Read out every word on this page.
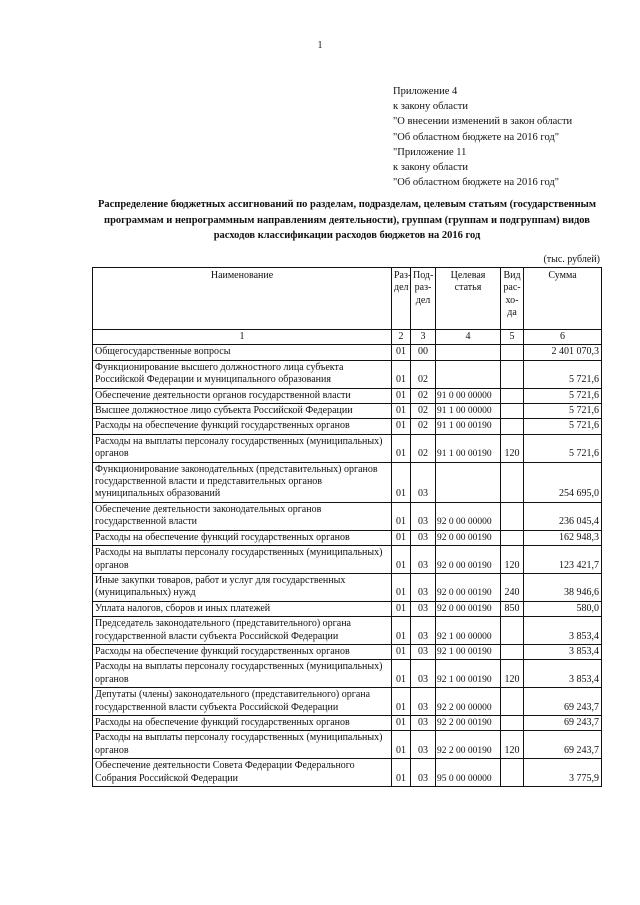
1
Приложение 4
к закону области
"О внесении изменений в закон области
"Об областном бюджете на 2016 год"
"Приложение 11
к закону области
"Об областном бюджете на 2016 год"
Распределение бюджетных ассигнований по разделам, подразделам, целевым статьям (государственным программам и непрограммным направлениям деятельности), группам (группам и подгруппам) видов расходов классификации расходов бюджетов на 2016 год
(тыс. рублей)
Наименование	Раз-дел	Под-раз-дел	Целевая статья	Вид рас-хо-да	Сумма
1	2	3	4	5	6
Общегосударственные вопросы	01	00			2 401 070,3
Функционирование высшего должностного лица субъекта Российской Федерации и муниципального образования	01	02			5 721,6
Обеспечение деятельности органов государственной власти	01	02	91 0 00 00000		5 721,6
Высшее должностное лицо субъекта Российской Федерации	01	02	91 1 00 00000		5 721,6
Расходы на обеспечение функций государственных органов	01	02	91 1 00 00190		5 721,6
Расходы на выплаты персоналу государственных (муниципальных) органов	01	02	91 1 00 00190	120	5 721,6
Функционирование законодательных (представительных) органов государственной власти и представительных органов муниципальных образований	01	03			254 695,0
Обеспечение деятельности законодательных органов государственной власти	01	03	92 0 00 00000		236 045,4
Расходы на обеспечение функций государственных органов	01	03	92 0 00 00190		162 948,3
Расходы на выплаты персоналу государственных (муниципальных) органов	01	03	92 0 00 00190	120	123 421,7
Иные закупки товаров, работ и услуг для государственных (муниципальных) нужд	01	03	92 0 00 00190	240	38 946,6
Уплата налогов, сборов и иных платежей	01	03	92 0 00 00190	850	580,0
Председатель законодательного (представительного) органа государственной власти субъекта Российской Федерации	01	03	92 1 00 00000		3 853,4
Расходы на обеспечение функций государственных органов	01	03	92 1 00 00190		3 853,4
Расходы на выплаты персоналу государственных (муниципальных) органов	01	03	92 1 00 00190	120	3 853,4
Депутаты (члены) законодательного (представительного) органа государственной власти субъекта Российской Федерации	01	03	92 2 00 00000		69 243,7
Расходы на обеспечение функций государственных органов	01	03	92 2 00 00190		69 243,7
Расходы на выплаты персоналу государственных (муниципальных) органов	01	03	92 2 00 00190	120	69 243,7
Обеспечение деятельности Совета Федерации Федерального Собрания Российской Федерации	01	03	95 0 00 00000		3 775,9
